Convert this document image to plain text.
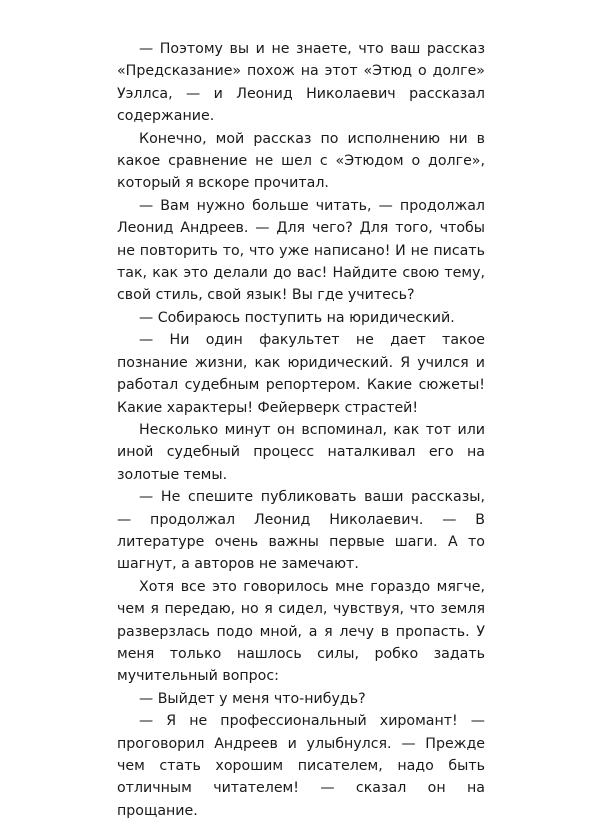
— Поэтому вы и не знаете, что ваш рассказ «Предсказание» похож на этот «Этюд о долге» Уэллса, — и Леонид Николаевич рассказал содержание.

Конечно, мой рассказ по исполнению ни в какое сравнение не шел с «Этюдом о долге», который я вскоре прочитал.

— Вам нужно больше читать, — продолжал Леонид Андреев. — Для чего? Для того, чтобы не повторить то, что уже написано! И не писать так, как это делали до вас! Найдите свою тему, свой стиль, свой язык! Вы где учитесь?

— Собираюсь поступить на юридический.

— Ни один факультет не дает такое познание жизни, как юридический. Я учился и работал судебным репортером. Какие сюжеты! Какие характеры! Фейерверк страстей!

Несколько минут он вспоминал, как тот или иной судебный процесс наталкивал его на золотые темы.

— Не спешите публиковать ваши рассказы, — продолжал Леонид Николаевич. — В литературе очень важны первые шаги. А то шагнут, а авторов не замечают.

Хотя все это говорилось мне гораздо мягче, чем я передаю, но я сидел, чувствуя, что земля разверзлась подо мной, а я лечу в пропасть. У меня только нашлось силы, робко задать мучительный вопрос:

— Выйдет у меня что-нибудь?

— Я не профессиональный хиромант! — проговорил Андреев и улыбнулся. — Прежде чем стать хорошим писателем, надо быть отличным читателем! — сказал он на прощание.
